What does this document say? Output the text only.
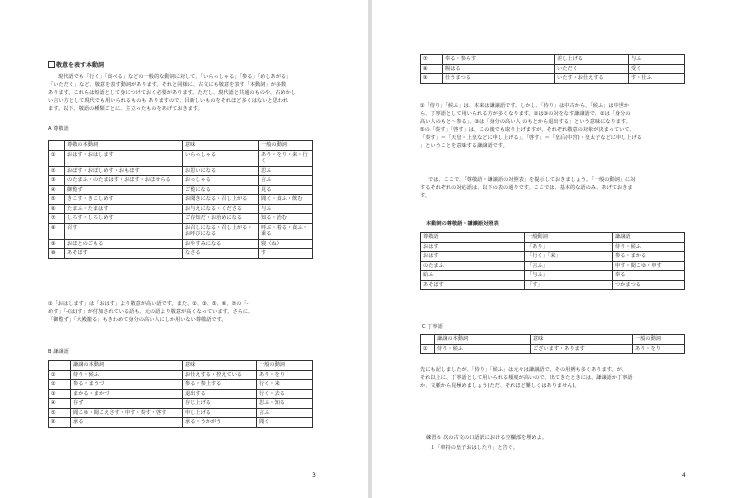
敬意を表す本動詞
現代語でも「行く」「食べる」などの一般的な動詞に対して、「いらっしゃる」「参る」「めしあがる」
「いただく」など、敬意を表す動詞があります。それと同様に、古文にも敬意を表す「本動詞」が多数
あります。これらは短語として身につけておく必要があります。ただし、現代語と共通のものや、古めかし
い言い方として現代でも用いられるものも ありますので、目新しいものをそれほど多くはないと思われ
ます。以下、敬語の種類ごとに、主立ったものをあげておきます。
A 尊敬語
	尊敬の本動詞	意味	一般の動詞
①	おはす・おはします	いらっしゃる	あり・をり・来・行く
②	おぼす・おぼしめす・おもほす	お思いになる	思ふ
③	のたまふ・のたまはす・おほす・おほせらる	おっしゃる	言ふ
④	御覧ず	ご覧になる	見る
⑤	きこす・きこしめす	お聞きになる・召し上がる	聞く・食ふ・飲む
⑥	たまふ・たまはす	お与えになる・くださる	与ふ
⑦	しろす・しろしめす	ご存知だ・お治めになる	知る・治む
⑧	召す	お召しになる・召し上がる・お呼びになる	呼ぶ・着る・食ふ・乗る
⑨	おほとのごもる	おやすみになる	寝（ね）
⑩	あそばす	なさる	す
①「おはします」は「おはす」より敬意が高い語です。また、②、③、⑤、⑥、⑦の「-
めす」「-(は)す」が付加されている語も、元の語より敬意が高くなっています。さらに、
「御覧ず」「大殿籠る」もきわめて身分の高い人にしか用いない尊敬語です。
B 謙譲語
	謙譲の本動詞	意味	一般の動詞
①	侍り・候ふ	お仕えする・控えている	あり・をり
②	参る・まうづ	参る・参上する	行く・来
③	まかる・まかづ	退出する	行く・去る
④	存ず	存じ上げる	思ふ・知る
⑤	聞こゆ・聞こえさす・申す・奏す・啓す	申し上げる	言ふ
⑥	承る	承る・うかがう	聞く
3
⑦	奉る・参らす	差し上げる	与ふ
⑧	賜はる	いただく	受く
⑨	仕うまつる	いたす・お仕えする	す・仕ふ
①「侍り」「候ふ」は、本来は謙譲語です。しかし、「侍り」は中古から、「候ふ」は中世か
ら、丁寧語として用いられる方が多くなります。②は③の対をなす謙譲語で、②は「身分の
高い人のもと～参る」、③は「身分の高い人 のもとから退出する」という意味になります。
⑤の「奏す」「啓す」は、この後でも取り上げますが、それぞれ敬意の対象が決まっていて、
「奏す」＝「天皇・上皇などに申し上げる」、「啓す」＝「皇后(中宮)・皇太子などに申し上げる
」ということを意味する謙譲語です。
では、ここで、「尊敬語・謙譲語の対照表」を提示しておきましょう。「一般の動詞」に対
するそれぞれの対応語は、以下の表の通りです。ここでは、基本的な語のみ、あげておきま
す。
本動詞の尊敬語・謙譲語対照表
尊敬語	一般動詞	謙譲語
おはす	「あり」	侍り・候ふ
おはす	「行く」「来」	参る・まかる
のたまふ	「言ふ」	申す・聞こゆ・申す
給ふ	「与ふ」	奉る
あそばす	「す」	つかまつる
C 丁寧語
	謙譲の本動詞	意味	一般の動詞
①	侍り・候ふ	ございます・あります	あり・をり
先にも記しましたが、「侍り」「候ふ」は元々は謙譲語で、その用例も多くあります。が、
それ以上に、丁寧語として用いられる頻度が高いので、出てきたときには、謙譲語か丁寧語
か、文脈から見極めましょう(ただ、それほど難しくはありません)。
練習６ 次の古文の口語訳における空欄部を埋めよ。
１「車持の皇子おはしたり」と告ぐ。
4
